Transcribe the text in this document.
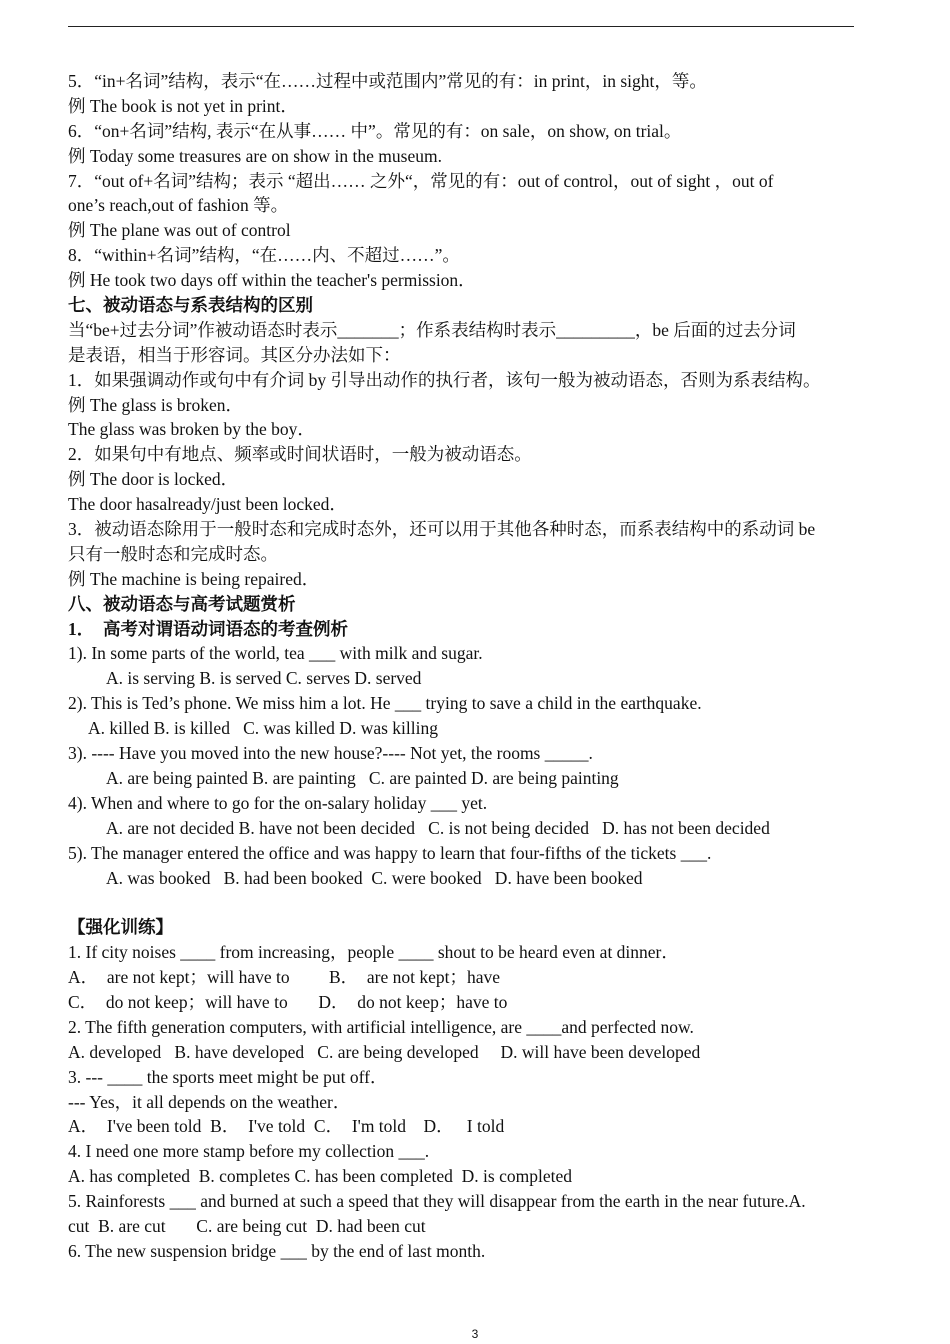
5．“in+名词”结构，表示“在……过程中或范围内”常见的有：in print，in sight，等。
例 The book is not yet in print．
6．“on+名词”结构, 表示“在从事…… 中”。常见的有：on sale，on show, on trial。
例 Today some treasures are on show in the museum.
7．“out of+名词”结构；表示 “超出…… 之外“，常见的有：out of control，out of sight ，out of
one’s reach,out of fashion 等。
例 The plane was out of control
8．“within+名词”结构，“在……内、不超过……”。
例 He took two days off within the teacher's permission．
七、被动语态与系表结构的区别
当“be+过去分词”作被动语态时表示_______；作系表结构时表示_________，be 后面的过去分词
是表语，相当于形容词。其区分办法如下：
1．如果强调动作或句中有介词 by 引导出动作的执行者，该句一般为被动语态，否则为系表结构。
例 The glass is broken．
The glass was broken by the boy．
2．如果句中有地点、频率或时间状语时，一般为被动语态。
例 The door is locked．
The door hasalready/just been locked．
3．被动语态除用于一般时态和完成时态外，还可以用于其他各种时态，而系表结构中的系动词 be
只有一般时态和完成时态。
例 The machine is being repaired．
八、被动语态与高考试题赏析
1．  高考对谓语动词语态的考查例析
1). In some parts of the world, tea ___ with milk and sugar.
A. is serving B. is served C. serves D. served
2). This is Ted’s phone. We miss him a lot. He ___ trying to save a child in the earthquake.
A. killed B. is killed   C. was killed D. was killing
3). ---- Have you moved into the new house?---- Not yet, the rooms _____.
A. are being painted B. are painting   C. are painted D. are being painting
4). When and where to go for the on-salary holiday ___ yet.
A. are not decided B. have not been decided   C. is not being decided   D. has not been decided
5). The manager entered the office and was happy to learn that four-fifths of the tickets ___.
A. was booked   B. had been booked  C. were booked   D. have been booked
【强化训练】
1. If city noises ____ from increasing，people ____ shout to be heard even at dinner．
A．  are not kept；will have to         B．  are not kept；have
C．  do not keep；will have to       D．  do not keep；have to
2. The fifth generation computers, with artificial intelligence, are ____and perfected now.
A. developed   B. have developed   C. are being developed     D. will have been developed
3. --- ____ the sports meet might be put off．
--- Yes，it all depends on the weather．
A．  I've been told  B．  I've told  C．  I'm told    D．   I told
4. I need one more stamp before my collection ___.
A. has completed  B. completes C. has been completed  D. is completed
5. Rainforests ___ and burned at such a speed that they will disappear from the earth in the near future.A.
cut  B. are cut       C. are being cut  D. had been cut
6. The new suspension bridge ___ by the end of last month.
3
